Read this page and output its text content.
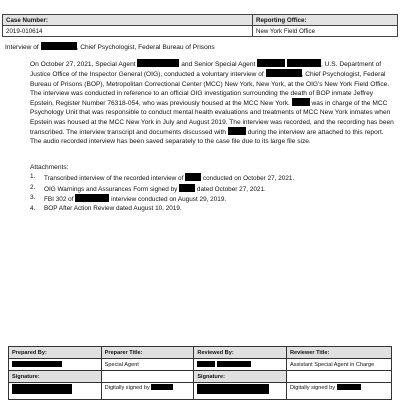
Case Number:	Reporting Office:
2019-010614	New York Field Office
Interview of	, Chief Psychologist, Federal Bureau of Prisons
On October 27, 2021, Special Agent	and Senior Special Agent	, U.S. Department of Justice Office of the Inspector General (OIG), conducted a voluntary interview of	, Chief Psychologist, Federal Bureau of Prisons (BOP), Metropolitan Correctional Center (MCC) New York, New York, at the OIG's New York Field Office. The interview was conducted in reference to an official OIG investigation surrounding the death of BOP inmate Jeffrey Epstein, Register Number 76318-054, who was previously housed at the MCC New York.	was in charge of the MCC Psychology Unit that was responsible to conduct mental health evaluations and treatments of MCC New York inmates when Epstein was housed at the MCC New York in July and August 2019. The interview was recorded, and the recording has been transcribed. The interview transcript and documents discussed with	during the interview are attached to this report. The audio recorded interview has been saved separately to the case file due to its large file size.
Attachments:
1.	Transcribed interview of the recorded interview of	conducted on October 27, 2021.
2.	OIG Warnings and Assurances Form signed by	dated October 27, 2021.
3.	FBI 302 of	interview conducted on August 29, 2019.
4.	BOP After Action Review dated August 10, 2019.
Prepared By:	Preparer Title:	Reviewed By:	Reviewer Title:
	Special Agent		Assistant Special Agent in Charge
Signature:		Signature:	
	Digitally signed by		Digitally signed by
